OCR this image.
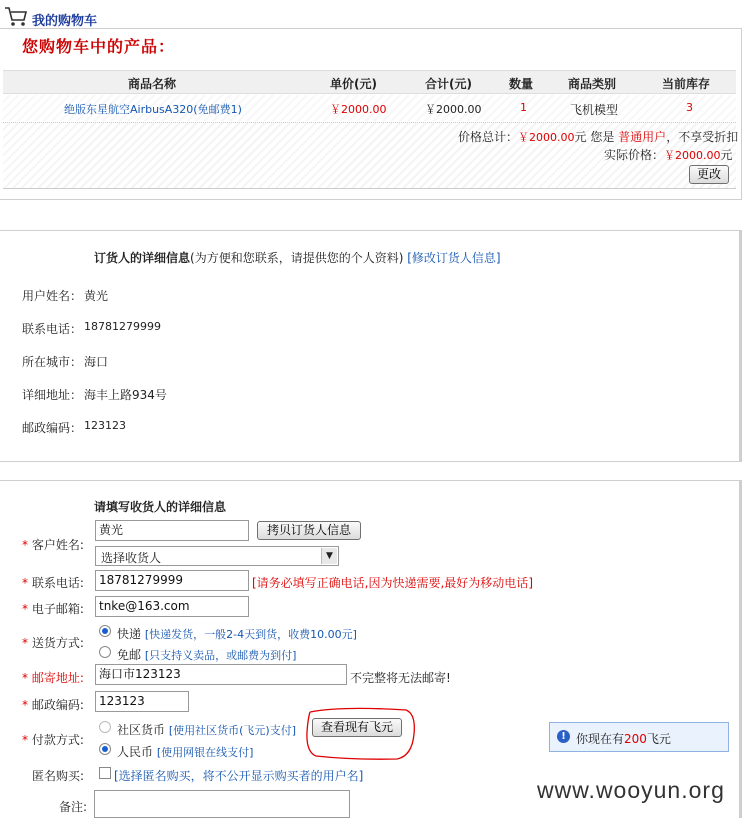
我的购物车
您购物车中的产品：
商品名称	单价(元)	合计(元)	数量	商品类别	当前库存
绝版东星航空AirbusA320(免邮费1)	￥2000.00	￥2000.00	1	飞机模型	3
价格总计：￥2000.00元 您是 普通用户，不享受折扣
实际价格：￥2000.00元
更改
订货人的详细信息(为方便和您联系，请提供您的个人资料) [修改订货人信息]
用户姓名： 黄光
联系电话： 18781279999
所在城市： 海口
详细地址： 海丰上路934号
邮政编码： 123123
请填写收货人的详细信息
* 客户姓名:
黄光	拷贝订货人信息
选择收货人	▼
* 联系电话:	18781279999	[请务必填写正确电话,因为快递需要,最好为移动电话]
* 电子邮箱:	tnke@163.com
* 送货方式:
快递 [快递发货，一般2-4天到货，收费10.00元]
免邮 [只支持义卖品，或邮费为到付]
* 邮寄地址:	海口市123123	不完整将无法邮寄!
* 邮政编码:	123123
* 付款方式:
社区货币 [使用社区货币(飞元)支付]	查看现有飞元
人民币 [使用网银在线支付]
匿名购买: [选择匿名购买，将不公开显示购买者的用户名]
备注:
! 你现在有200飞元
www.wooyun.org
